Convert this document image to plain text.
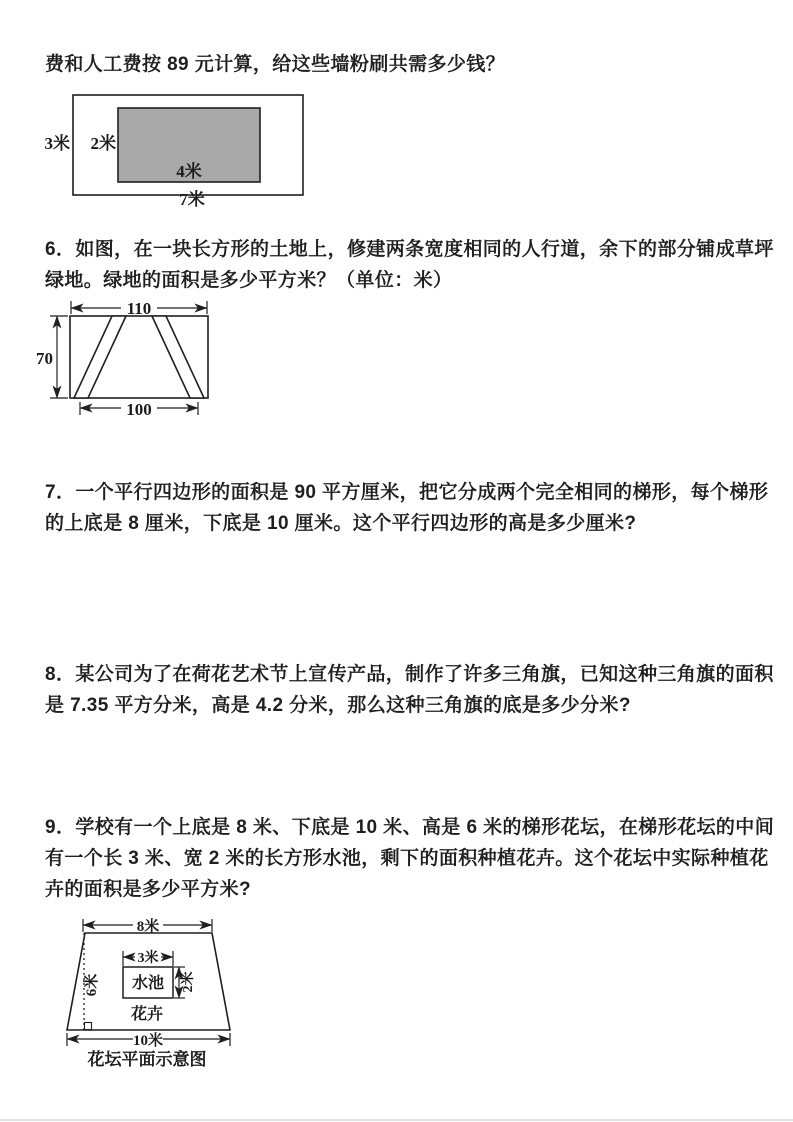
费和人工费按 89 元计算，给这些墙粉刷共需多少钱？
3米 2米
4米
7米
6．如图，在一块长方形的土地上，修建两条宽度相同的人行道，余下的部分铺成草坪
绿地。绿地的面积是多少平方米？（单位：米）
110
70
100
7．一个平行四边形的面积是 90 平方厘米，把它分成两个完全相同的梯形，每个梯形
的上底是 8 厘米，下底是 10 厘米。这个平行四边形的高是多少厘米?
8．某公司为了在荷花艺术节上宣传产品，制作了许多三角旗，已知这种三角旗的面积
是 7.35 平方分米，高是 4.2 分米，那么这种三角旗的底是多少分米?
9．学校有一个上底是 8 米、下底是 10 米、高是 6 米的梯形花坛，在梯形花坛的中间
有一个长 3 米、宽 2 米的长方形水池，剩下的面积种植花卉。这个花坛中实际种植花
卉的面积是多少平方米?
8米
6米 水池
3米
2米
花卉
10米
花坛平面示意图
